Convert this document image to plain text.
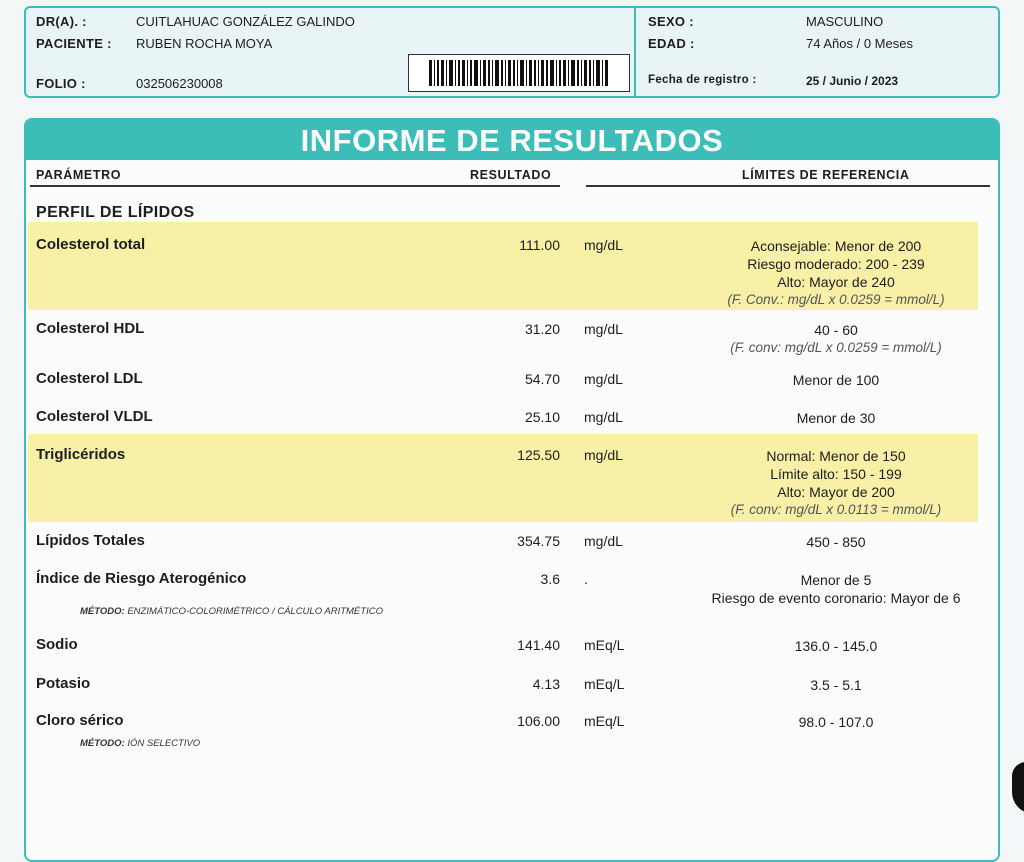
DR(A). :	CUITLAHUAC GONZÁLEZ GALINDO
PACIENTE : RUBEN ROCHA MOYA
FOLIO :	032506230008
SEXO :	MASCULINO
EDAD :	74 Años / 0 Meses
Fecha de registro :	25 / Junio / 2023
INFORME DE RESULTADOS
PARÁMETRO	RESULTADO	LÍMITES DE REFERENCIA
PERFIL DE LÍPIDOS
Colesterol total	111.00 mg/dL	Aconsejable: Menor de 200
Riesgo moderado: 200 - 239
Alto: Mayor de 240
(F. Conv.: mg/dL x 0.0259 = mmol/L)
Colesterol HDL	31.20 mg/dL	40 - 60
(F. conv: mg/dL x 0.0259 = mmol/L)
Colesterol LDL	54.70 mg/dL	Menor de 100
Colesterol VLDL	25.10 mg/dL	Menor de 30
Triglicéridos	125.50 mg/dL	Normal: Menor de 150
Límite alto: 150 - 199
Alto: Mayor de 200
(F. conv: mg/dL x 0.0113 = mmol/L)
Lípidos Totales	354.75 mg/dL	450 - 850
Índice de Riesgo Aterogénico	3.6 .	Menor de 5
Riesgo de evento coronario: Mayor de 6
MÉTODO: ENZIMÁTICO-COLORIMÉTRICO / CÁLCULO ARITMÉTICO
Sodio	141.40 mEq/L	136.0 - 145.0
Potasio	4.13 mEq/L	3.5 - 5.1
Cloro sérico	106.00 mEq/L	98.0 - 107.0
MÉTODO: IÓN SELECTIVO
